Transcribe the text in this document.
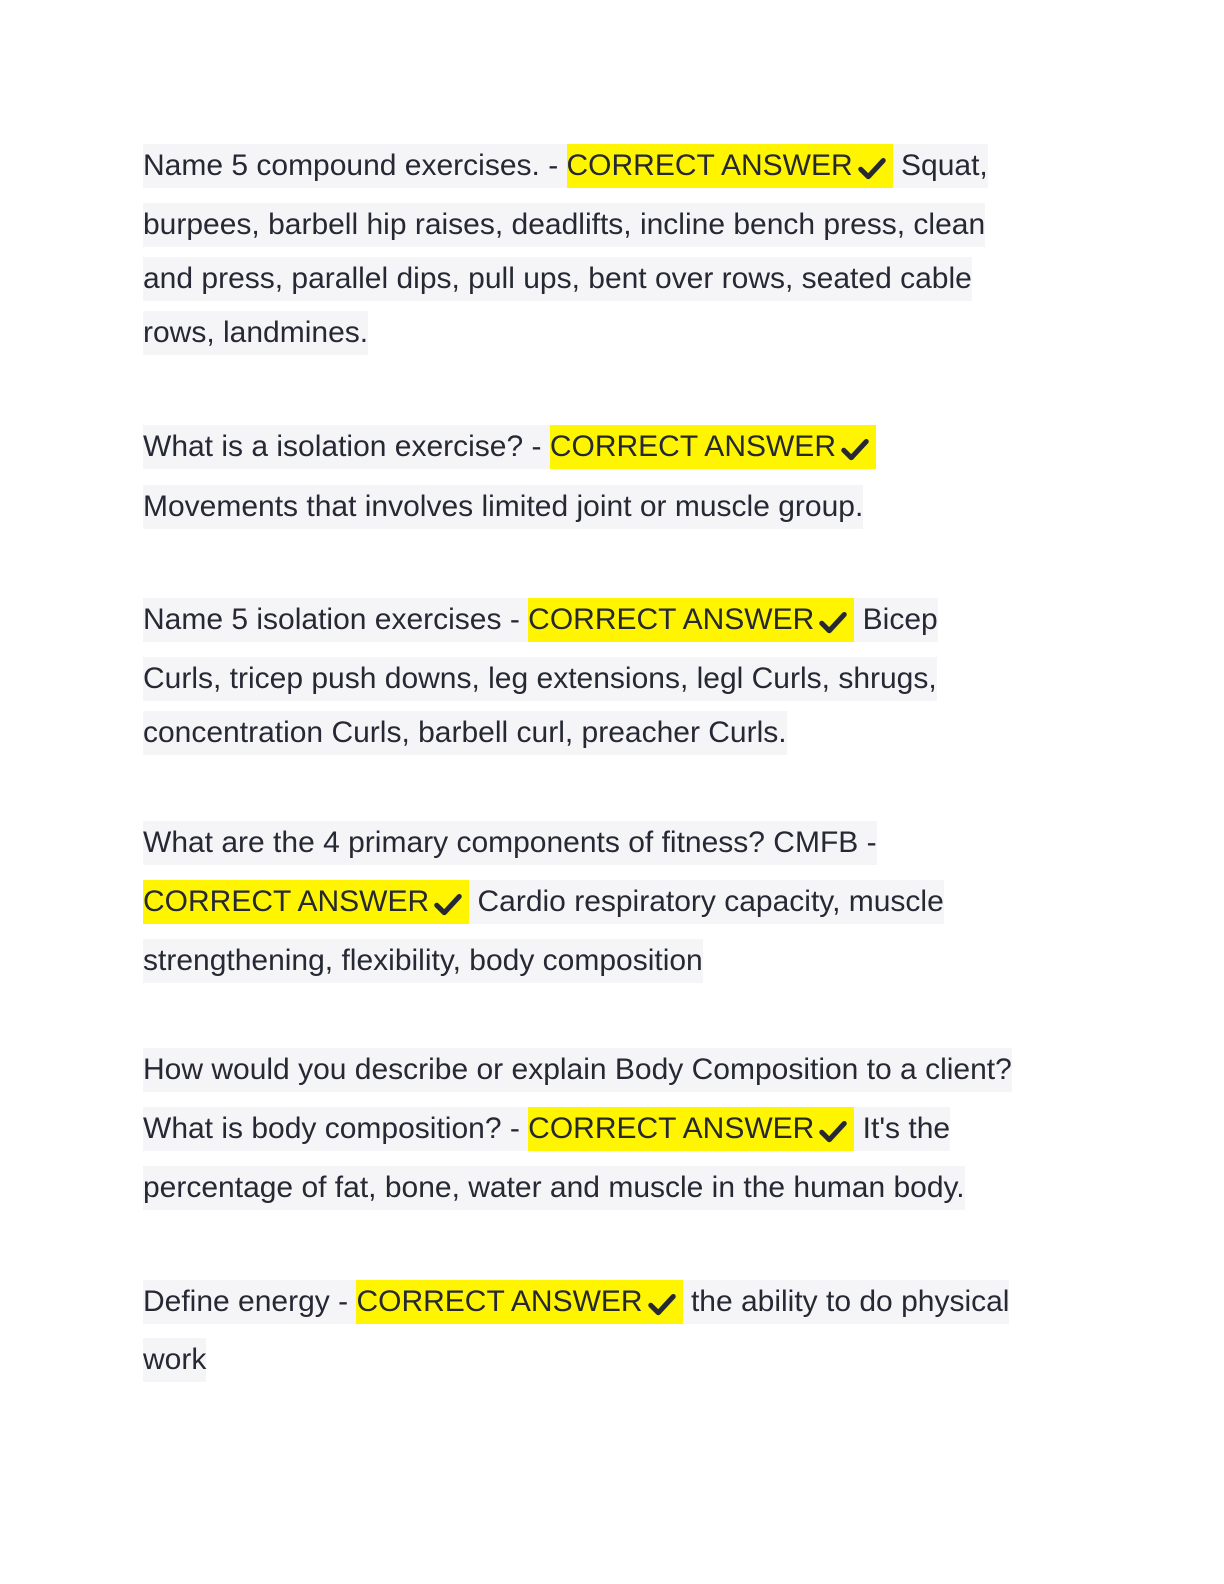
Name 5 compound exercises. - CORRECT ANSWER Squat,
burpees, barbell hip raises, deadlifts, incline bench press, clean
and press, parallel dips, pull ups, bent over rows, seated cable
rows, landmines.
What is a isolation exercise? - CORRECT ANSWER
Movements that involves limited joint or muscle group.
Name 5 isolation exercises - CORRECT ANSWER Bicep
Curls, tricep push downs, leg extensions, legl Curls, shrugs,
concentration Curls, barbell curl, preacher Curls.
What are the 4 primary components of fitness? CMFB -
CORRECT ANSWER Cardio respiratory capacity, muscle
strengthening, flexibility, body composition
How would you describe or explain Body Composition to a client?
What is body composition? - CORRECT ANSWER It's the
percentage of fat, bone, water and muscle in the human body.
Define energy - CORRECT ANSWER the ability to do physical
work
